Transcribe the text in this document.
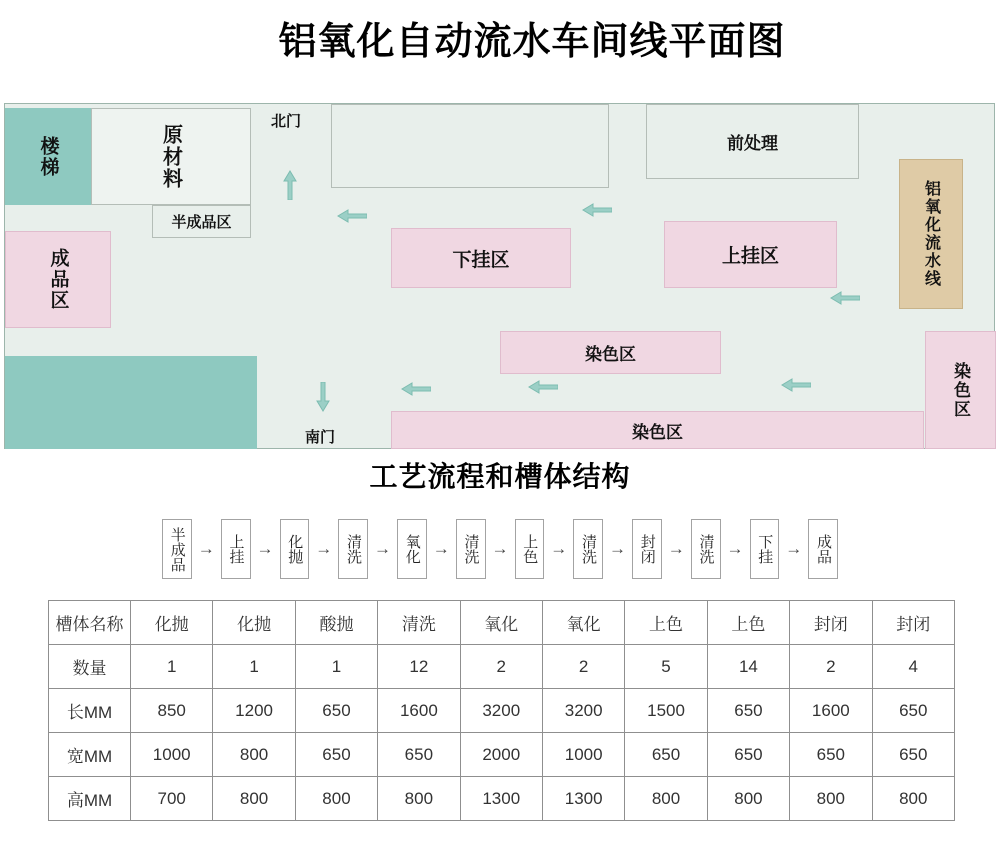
铝氧化自动流水车间线平面图
楼梯	原材料
半成品区
成品区
前处理
铝氧化流水线
下挂区	上挂区
染色区
染色区
染色区
北门
南门
工艺流程和槽体结构
半成品 → 上挂 → 化抛 → 清洗 → 氧化 → 清洗 → 上色 → 清洗 → 封闭 → 清洗 → 下挂 → 成品
槽体名称	化抛	化抛	酸抛	清洗	氧化	氧化	上色	上色	封闭	封闭
数量	1	1	1	12	2	2	5	14	2	4
长MM	850	1200	650	1600	3200	3200	1500	650	1600	650
宽MM	1000	800	650	650	2000	1000	650	650	650	650
高MM	700	800	800	800	1300	1300	800	800	800	800
